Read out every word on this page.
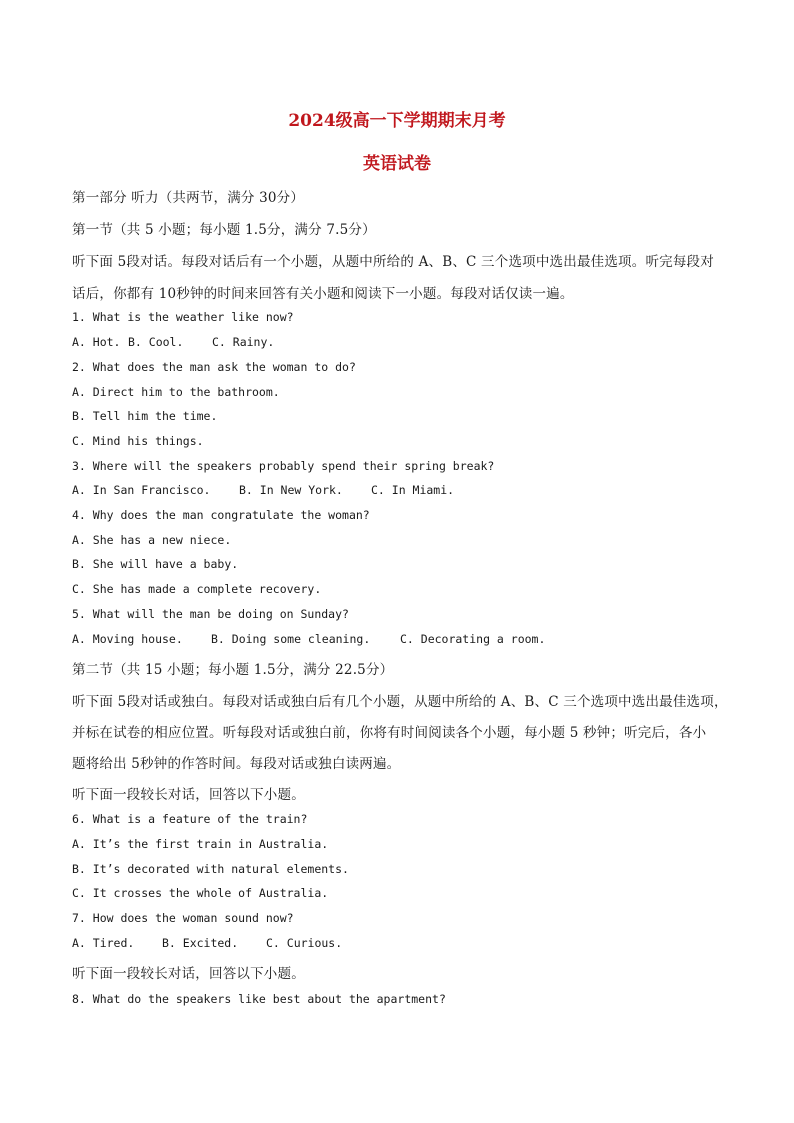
2024级高一下学期期末月考
英语试卷
第一部分 听力（共两节，满分 30分）
第一节（共 5 小题；每小题 1.5分，满分 7.5分）
听下面 5段对话。每段对话后有一个小题，从题中所给的 A、B、C 三个选项中选出最佳选项。听完每段对
话后，你都有 10秒钟的时间来回答有关小题和阅读下一小题。每段对话仅读一遍。
1. What is the weather like now?
A. Hot. B. Cool. C. Rainy.
2. What does the man ask the woman to do?
A. Direct him to the bathroom.
B. Tell him the time.
C. Mind his things.
3. Where will the speakers probably spend their spring break?
A. In San Francisco. B. In New York. C. In Miami.
4. Why does the man congratulate the woman?
A. She has a new niece.
B. She will have a baby.
C. She has made a complete recovery.
5. What will the man be doing on Sunday?
A. Moving house. B. Doing some cleaning.	C. Decorating a room.
第二节（共 15 小题；每小题 1.5分，满分 22.5分）
听下面 5段对话或独白。每段对话或独白后有几个小题，从题中所给的 A、B、C 三个选项中选出最佳选项，
并标在试卷的相应位置。听每段对话或独白前，你将有时间阅读各个小题，每小题 5 秒钟；听完后，各小
题将给出 5秒钟的作答时间。每段对话或独白读两遍。
听下面一段较长对话，回答以下小题。
6. What is a feature of the train?
A. It’s the first train in Australia.
B. It’s decorated with natural elements.
C. It crosses the whole of Australia.
7. How does the woman sound now?
A. Tired. B. Excited. C. Curious.
听下面一段较长对话，回答以下小题。
8. What do the speakers like best about the apartment?
